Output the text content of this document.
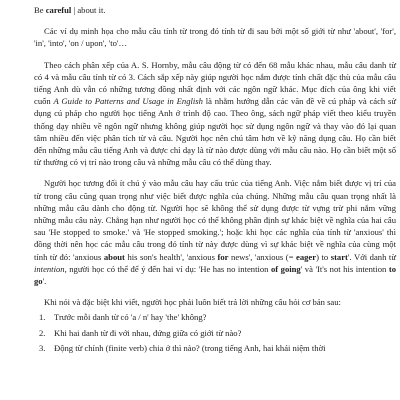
Be careful | about it.

Các ví dụ minh họa cho mẫu câu tính từ trong đó tính từ đi sau bởi một số giới từ như 'about', 'for', 'in', 'into', 'on / upon', 'to'…

Theo cách phân xếp của A. S. Hornby, mẫu câu động từ có đến 68 mẫu khác nhau, mẫu câu danh từ có 4 và mẫu câu tính từ có 3. Cách sắp xếp này giúp người học nắm được tính chất đặc thù của mẫu câu tiếng Anh dù vẫn có những tương đồng nhất định với các ngôn ngữ khác. Mục đích của ông khi viết cuốn A Guide to Patterns and Usage in English là nhằm hướng dẫn các văn đề về cú pháp và cách sử dụng cú pháp cho người học tiếng Anh ở trình độ cao. Theo ông, sách ngữ pháp viết theo kiểu truyền thống dạy nhiều về ngôn ngữ nhưng không giúp người học sử dụng ngôn ngữ và thay vào đó lại quan tâm nhiều đến việc phân tích từ và câu. Người học nên chú tâm hơn về kỹ năng dụng câu. Họ cần biết đến những mẫu câu tiếng Anh và được chỉ dạy là từ nào được dùng với mẫu câu nào. Họ cần biết một số từ thường có vị trí nào trong câu và những mẫu câu có thể dùng thay.

Người học tương đối ít chú ý vào mẫu câu hay cấu trúc của tiếng Anh. Việc nắm biết được vị trí của từ trong câu cũng quan trọng như việc biết được nghĩa của chúng. Những mẫu câu quan trọng nhất là những mẫu câu dành cho động từ. Người học sẽ không thể sử dụng được từ vựng trừ phi nắm vững những mẫu câu này. Chẳng hạn như người học có thể không phân định sự khác biệt về nghĩa của hai câu sau 'He stopped to smoke.' và 'He stopped smoking.'; hoặc khi học các nghĩa của tính từ 'anxious' thì đồng thời nên học các mẫu câu trong đó tính từ này được dùng vì sự khác biệt về nghĩa của cùng một tính từ đó: 'anxious about his son's health', 'anxious for news', 'anxious (= eager) to start'. Với danh từ intention, người học có thể để ý đến hai ví dụ: 'He has no intention of going' và 'It's not his intention to go'.

Khi nói và đặc biệt khi viết, người học phải luôn biết trả lời những câu hỏi cơ bản sau:

1. Trước mỗi danh từ có 'a / n' hay 'the' không?
2. Khi hai danh từ đi với nhau, đứng giữa có giới từ nào?
3. Động từ chính (finite verb) chia ở thì nào? (trong tiếng Anh, hai khái niệm thời
